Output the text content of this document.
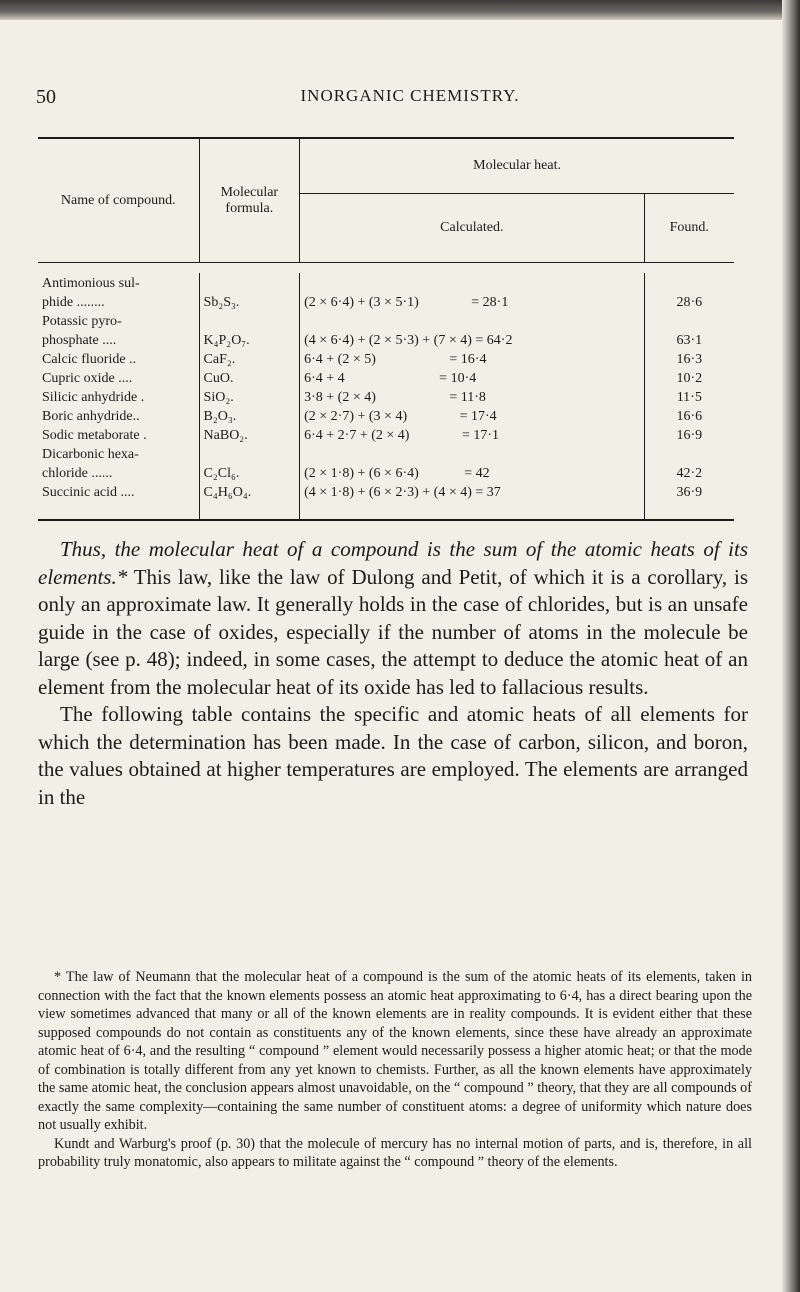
50	INORGANIC CHEMISTRY.
Name of compound.	Molecular formula.	Molecular heat.	
		Calculated.	Found.

Antimonious sul-			
phide ........	Sb₂S₃.	(2 × 6·4) + (3 × 5·1)               = 28·1	28·6
Potassic pyro-			
phosphate ....	K₄P₂O₇.	(4 × 6·4) + (2 × 5·3) + (7 × 4) = 64·2	63·1
Calcic fluoride ..	CaF₂.	6·4 + (2 × 5)                     = 16·4	16·3
Cupric oxide ....	CuO.	6·4 + 4                           = 10·4	10·2
Silicic anhydride .	SiO₂.	3·8 + (2 × 4)                     = 11·8	11·5
Boric anhydride..	B₂O₃.	(2 × 2·7) + (3 × 4)               = 17·4	16·6
Sodic metaborate .	NaBO₂.	6·4 + 2·7 + (2 × 4)               = 17·1	16·9
Dicarbonic hexa-			
chloride ......	C₂Cl₆.	(2 × 1·8) + (6 × 6·4)             = 42	42·2
Succinic acid ....	C₄H₆O₄.	(4 × 1·8) + (6 × 2·3) + (4 × 4) = 37	36·9

Thus, the molecular heat of a compound is the sum of the atomic heats of its elements.* This law, like the law of Dulong and Petit, of which it is a corollary, is only an approximate law. It generally holds in the case of chlorides, but is an unsafe guide in the case of oxides, especially if the number of atoms in the molecule be large (see p. 48); indeed, in some cases, the attempt to deduce the atomic heat of an element from the molecular heat of its oxide has led to fallacious results.

The following table contains the specific and atomic heats of all elements for which the determination has been made. In the case of carbon, silicon, and boron, the values obtained at higher temperatures are employed. The elements are arranged in the

* The law of Neumann that the molecular heat of a compound is the sum of the atomic heats of its elements, taken in connection with the fact that the known elements possess an atomic heat approximating to 6·4, has a direct bearing upon the view sometimes advanced that many or all of the known elements are in reality compounds. It is evident either that these supposed compounds do not contain as constituents any of the known elements, since these have already an approximate atomic heat of 6·4, and the resulting “ compound ” element would necessarily possess a higher atomic heat; or that the mode of combination is totally different from any yet known to chemists. Further, as all the known elements have approximately the same atomic heat, the conclusion appears almost unavoidable, on the “ compound ” theory, that they are all compounds of exactly the same complexity—containing the same number of constituent atoms: a degree of uniformity which nature does not usually exhibit.

Kundt and Warburg's proof (p. 30) that the molecule of mercury has no internal motion of parts, and is, therefore, in all probability truly monatomic, also appears to militate against the “ compound ” theory of the elements.
